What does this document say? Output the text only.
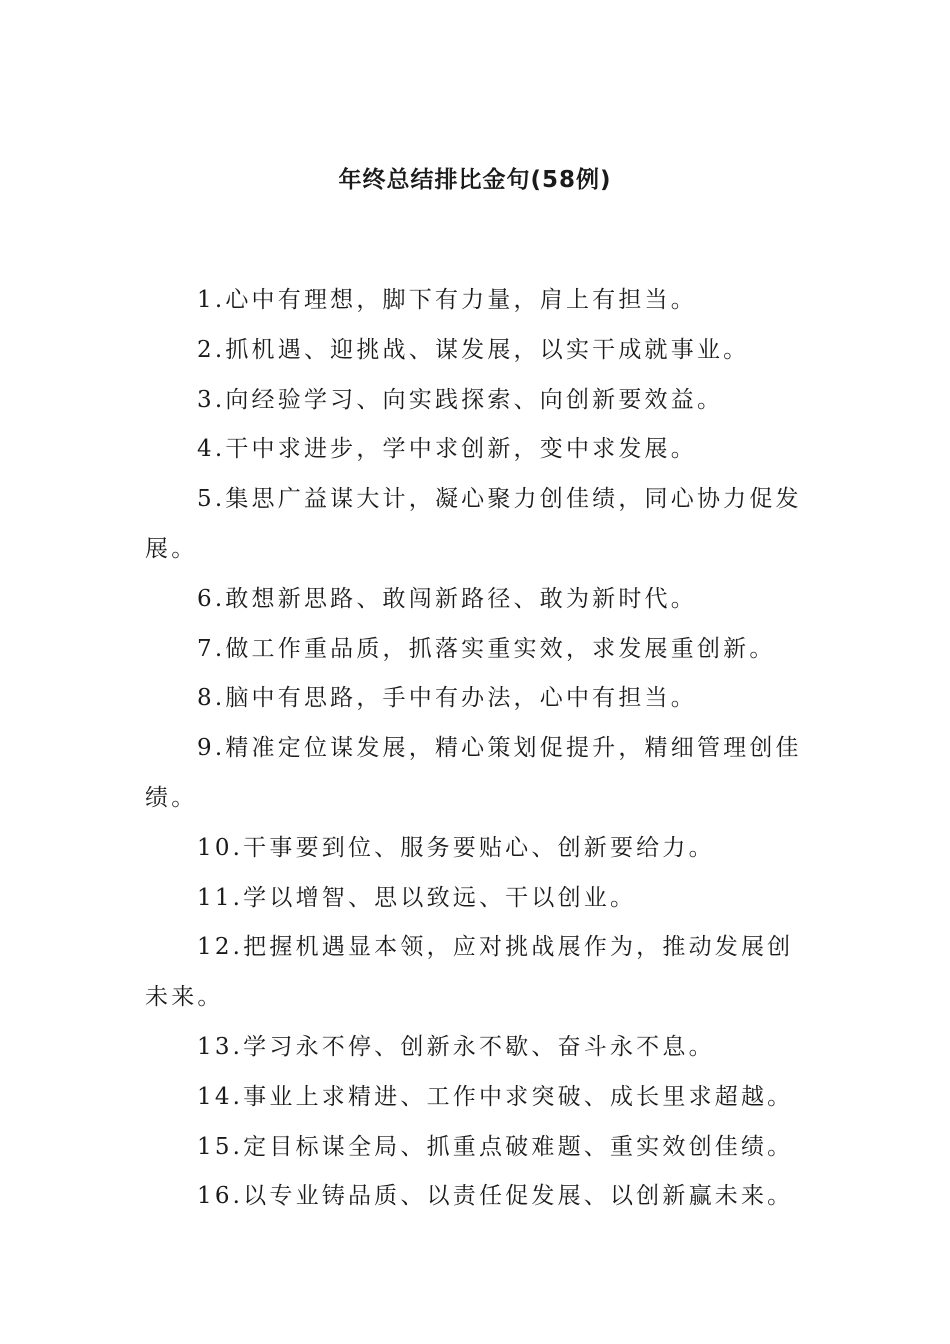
年终总结排比金句(58例)
1.心中有理想，脚下有力量，肩上有担当。
2.抓机遇、迎挑战、谋发展，以实干成就事业。
3.向经验学习、向实践探索、向创新要效益。
4.干中求进步，学中求创新，变中求发展。
5.集思广益谋大计，凝心聚力创佳绩，同心协力促发展。
6.敢想新思路、敢闯新路径、敢为新时代。
7.做工作重品质，抓落实重实效，求发展重创新。
8.脑中有思路，手中有办法，心中有担当。
9.精准定位谋发展，精心策划促提升，精细管理创佳绩。
10.干事要到位、服务要贴心、创新要给力。
11.学以增智、思以致远、干以创业。
12.把握机遇显本领，应对挑战展作为，推动发展创未来。
13.学习永不停、创新永不歇、奋斗永不息。
14.事业上求精进、工作中求突破、成长里求超越。
15.定目标谋全局、抓重点破难题、重实效创佳绩。
16.以专业铸品质、以责任促发展、以创新赢未来。
